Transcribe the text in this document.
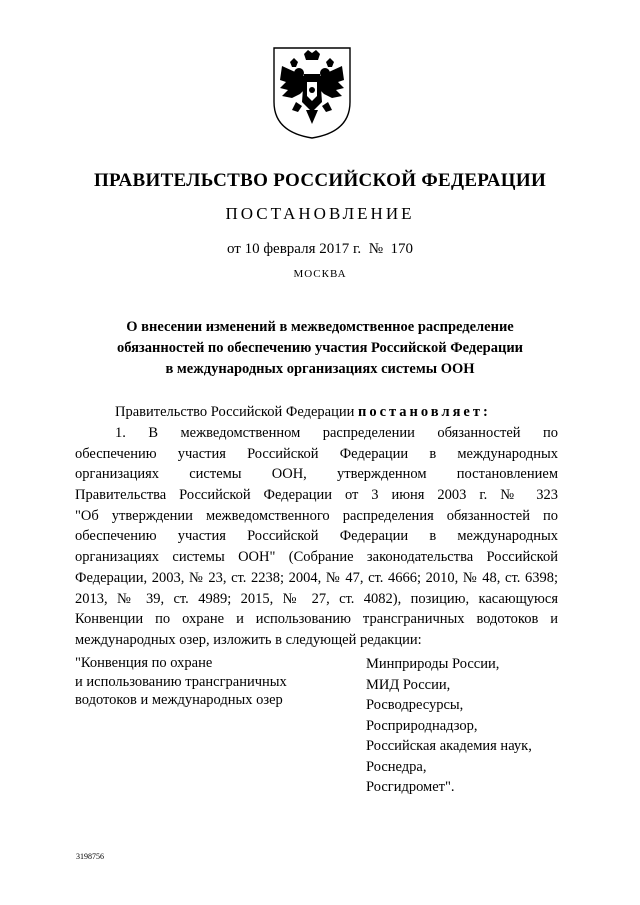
ПРАВИТЕЛЬСТВО РОССИЙСКОЙ ФЕДЕРАЦИИ
ПОСТАНОВЛЕНИЕ
от 10 февраля 2017 г. № 170
МОСКВА
О внесении изменений в межведомственное распределение
обязанностей по обеспечению участия Российской Федерации
в международных организациях системы ООН
Правительство Российской Федерации постановляет:
1. В межведомственном распределении обязанностей по
обеспечению участия Российской Федерации в международных
организациях системы ООН, утвержденном постановлением
Правительства Российской Федерации от 3 июня 2003 г. № 323
"Об утверждении межведомственного распределения обязанностей по
обеспечению участия Российской Федерации в международных
организациях системы ООН" (Собрание законодательства Российской
Федерации, 2003, № 23, ст. 2238; 2004, № 47, ст. 4666; 2010, № 48, ст. 6398;
2013, № 39, ст. 4989; 2015, № 27, ст. 4082), позицию, касающуюся
Конвенции по охране и использованию трансграничных водотоков и
международных озер, изложить в следующей редакции:
"Конвенция по охране
и использованию трансграничных
водотоков и международных озер
Минприроды России,
МИД России,
Росводресурсы,
Росприроднадзор,
Российская академия наук,
Роснедра,
Росгидромет".
3198756
